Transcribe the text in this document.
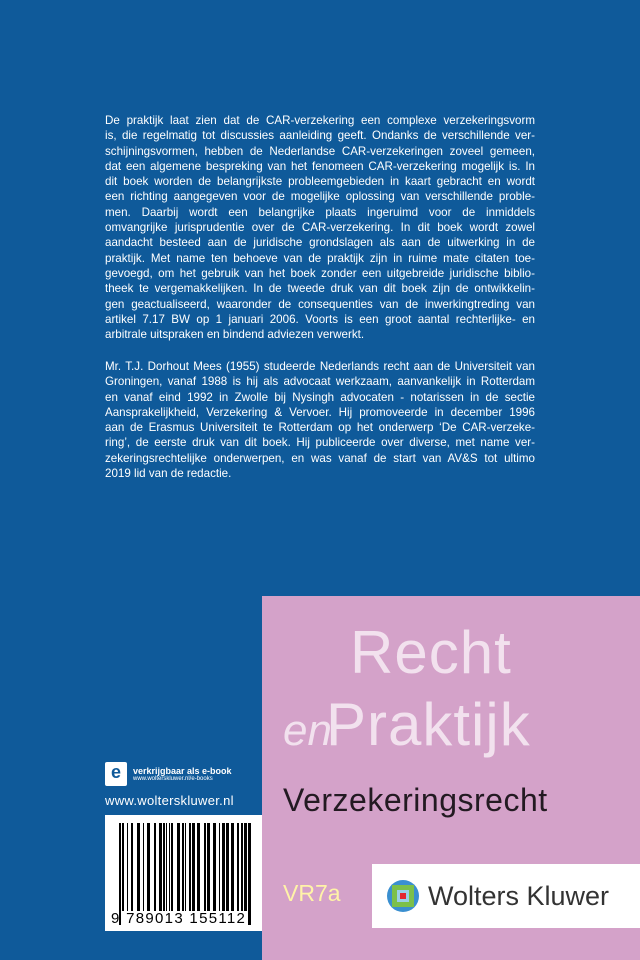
De praktijk laat zien dat de CAR-verzekering een complexe verzekeringsvorm
is, die regelmatig tot discussies aanleiding geeft. Ondanks de verschillende ver-
schijningsvormen, hebben de Nederlandse CAR-verzekeringen zoveel gemeen,
dat een algemene bespreking van het fenomeen CAR-verzekering mogelijk is. In
dit boek worden de belangrijkste probleemgebieden in kaart gebracht en wordt
een richting aangegeven voor de mogelijke oplossing van verschillende proble-
men. Daarbij wordt een belangrijke plaats ingeruimd voor de inmiddels
omvangrijke jurisprudentie over de CAR-verzekering. In dit boek wordt zowel
aandacht besteed aan de juridische grondslagen als aan de uitwerking in de
praktijk. Met name ten behoeve van de praktijk zijn in ruime mate citaten toe-
gevoegd, om het gebruik van het boek zonder een uitgebreide juridische biblio-
theek te vergemakkelijken. In de tweede druk van dit boek zijn de ontwikkelin-
gen geactualiseerd, waaronder de consequenties van de inwerkingtreding van
artikel 7.17 BW op 1 januari 2006. Voorts is een groot aantal rechterlijke- en
arbitrale uitspraken en bindend adviezen verwerkt.
Mr. T.J. Dorhout Mees (1955) studeerde Nederlands recht aan de Universiteit van
Groningen, vanaf 1988 is hij als advocaat werkzaam, aanvankelijk in Rotterdam
en vanaf eind 1992 in Zwolle bij Nysingh advocaten - notarissen in de sectie
Aansprakelijkheid, Verzekering & Vervoer. Hij promoveerde in december 1996
aan de Erasmus Universiteit te Rotterdam op het onderwerp ‘De CAR-verzeke-
ring’, de eerste druk van dit boek. Hij publiceerde over diverse, met name ver-
zekeringsrechtelijke onderwerpen, en was vanaf de start van AV&S tot ultimo
2019 lid van de redactie.
e	verkrijgbaar als e-book
www.wolterskluwer.nl/e-books
www.wolterskluwer.nl
9 789013 155112
Recht
en
Praktijk
Verzekeringsrecht
VR7a	Wolters Kluwer
